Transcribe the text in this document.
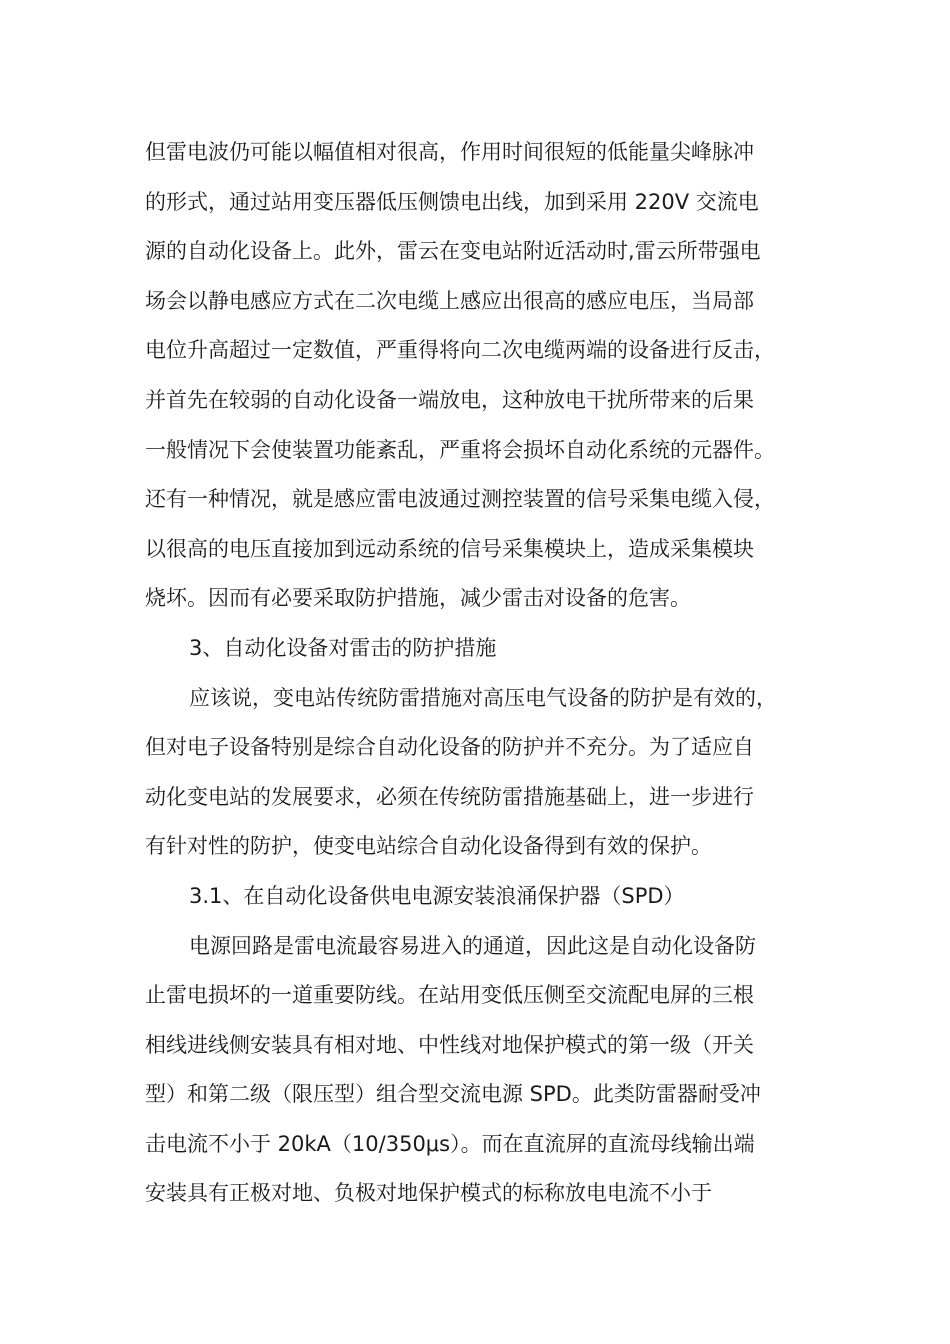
但雷电波仍可能以幅值相对很高，作用时间很短的低能量尖峰脉冲
的形式，通过站用变压器低压侧馈电出线，加到采用 220V 交流电
源的自动化设备上。此外，雷云在变电站附近活动时,雷云所带强电
场会以静电感应方式在二次电缆上感应出很高的感应电压，当局部
电位升高超过一定数值，严重得将向二次电缆两端的设备进行反击，
并首先在较弱的自动化设备一端放电，这种放电干扰所带来的后果
一般情况下会使装置功能紊乱，严重将会损坏自动化系统的元器件。
还有一种情况，就是感应雷电波通过测控装置的信号采集电缆入侵，
以很高的电压直接加到远动系统的信号采集模块上，造成采集模块
烧坏。因而有必要采取防护措施，减少雷击对设备的危害。
3、自动化设备对雷击的防护措施
应该说，变电站传统防雷措施对高压电气设备的防护是有效的，
但对电子设备特别是综合自动化设备的防护并不充分。为了适应自
动化变电站的发展要求，必须在传统防雷措施基础上，进一步进行
有针对性的防护，使变电站综合自动化设备得到有效的保护。
3.1、在自动化设备供电电源安装浪涌保护器（SPD）
电源回路是雷电流最容易进入的通道，因此这是自动化设备防
止雷电损坏的一道重要防线。在站用变低压侧至交流配电屏的三根
相线进线侧安装具有相对地、中性线对地保护模式的第一级（开关
型）和第二级（限压型）组合型交流电源 SPD。此类防雷器耐受冲
击电流不小于 20kA（10/350μs）。而在直流屏的直流母线输出端
安装具有正极对地、负极对地保护模式的标称放电电流不小于
